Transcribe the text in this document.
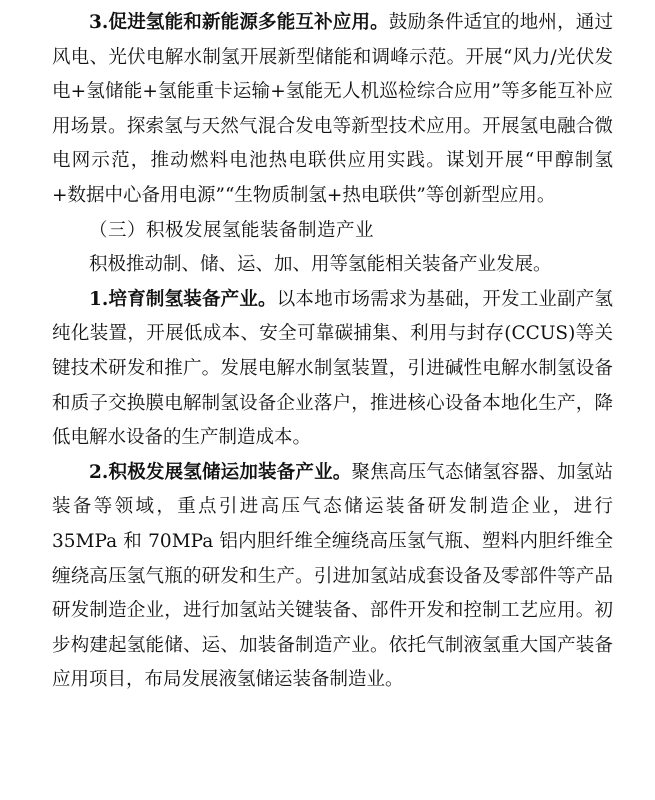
3.促进氢能和新能源多能互补应用。鼓励条件适宜的地州，通过风电、光伏电解水制氢开展新型储能和调峰示范。开展“风力/光伏发电+氢储能+氢能重卡运输+氢能无人机巡检综合应用”等多能互补应用场景。探索氢与天然气混合发电等新型技术应用。开展氢电融合微电网示范，推动燃料电池热电联供应用实践。谋划开展“甲醇制氢+数据中心备用电源”“生物质制氢+热电联供”等创新型应用。

（三）积极发展氢能装备制造产业

积极推动制、储、运、加、用等氢能相关装备产业发展。

1.培育制氢装备产业。以本地市场需求为基础，开发工业副产氢纯化装置，开展低成本、安全可靠碳捕集、利用与封存(CCUS)等关键技术研发和推广。发展电解水制氢装置，引进碱性电解水制氢设备和质子交换膜电解制氢设备企业落户，推进核心设备本地化生产，降低电解水设备的生产制造成本。

2.积极发展氢储运加装备产业。聚焦高压气态储氢容器、加氢站装备等领域，重点引进高压气态储运装备研发制造企业，进行 35MPa 和 70MPa 铝内胆纤维全缠绕高压氢气瓶、塑料内胆纤维全缠绕高压氢气瓶的研发和生产。引进加氢站成套设备及零部件等产品研发制造企业，进行加氢站关键装备、部件开发和控制工艺应用。初步构建起氢能储、运、加装备制造产业。依托气制液氢重大国产装备应用项目，布局发展液氢储运装备制造业。
